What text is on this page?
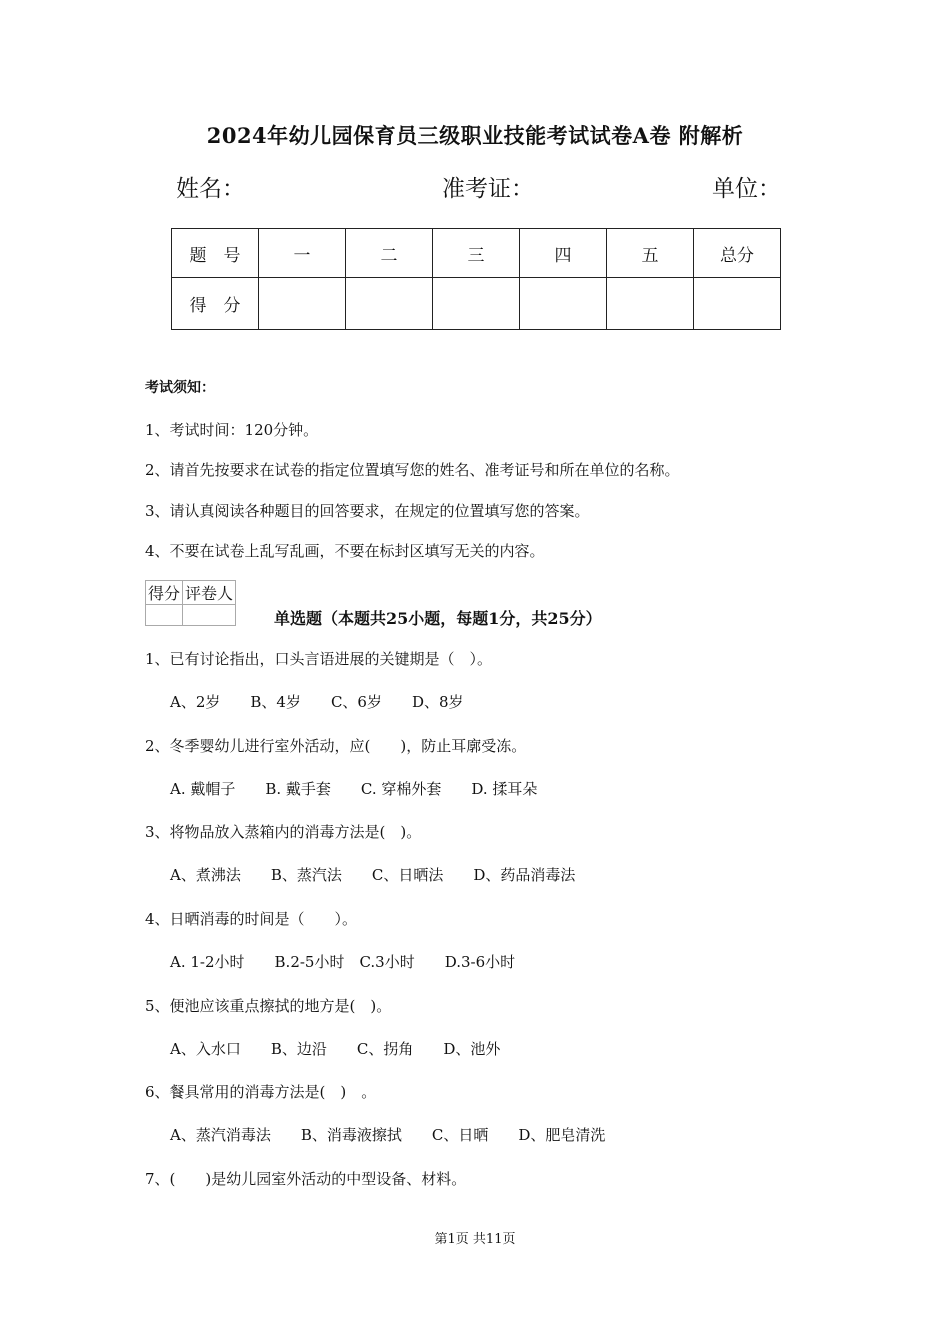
2024年幼儿园保育员三级职业技能考试试卷A卷 附解析
姓名：	准考证：	单位：
题　号	一	二	三	四	五	总分
得　分						
考试须知：
1、考试时间：120分钟。
2、请首先按要求在试卷的指定位置填写您的姓名、准考证号和所在单位的名称。
3、请认真阅读各种题目的回答要求，在规定的位置填写您的答案。
4、不要在试卷上乱写乱画，不要在标封区填写无关的内容。
得分	评卷人

单选题（本题共25小题，每题1分，共25分）
1、已有讨论指出，口头言语进展的关键期是（　）。
A、2岁　　B、4岁　　C、6岁　　D、8岁
2、冬季婴幼儿进行室外活动，应(　　)，防止耳廓受冻。
A. 戴帽子　　B. 戴手套　　C. 穿棉外套　　D. 揉耳朵
3、将物品放入蒸箱内的消毒方法是(　)。
A、煮沸法　　B、蒸汽法　　C、日晒法　　D、药品消毒法
4、日晒消毒的时间是（　　）。
A. 1-2小时　　B.2-5小时　C.3小时　　D.3-6小时
5、便池应该重点擦拭的地方是(　)。
A、入水口　　B、边沿　　C、拐角　　D、池外
6、餐具常用的消毒方法是(　)　。
A、蒸汽消毒法　　B、消毒液擦拭　　C、日晒　　D、肥皂清洗
7、(　　)是幼儿园室外活动的中型设备、材料。
第1页 共11页
